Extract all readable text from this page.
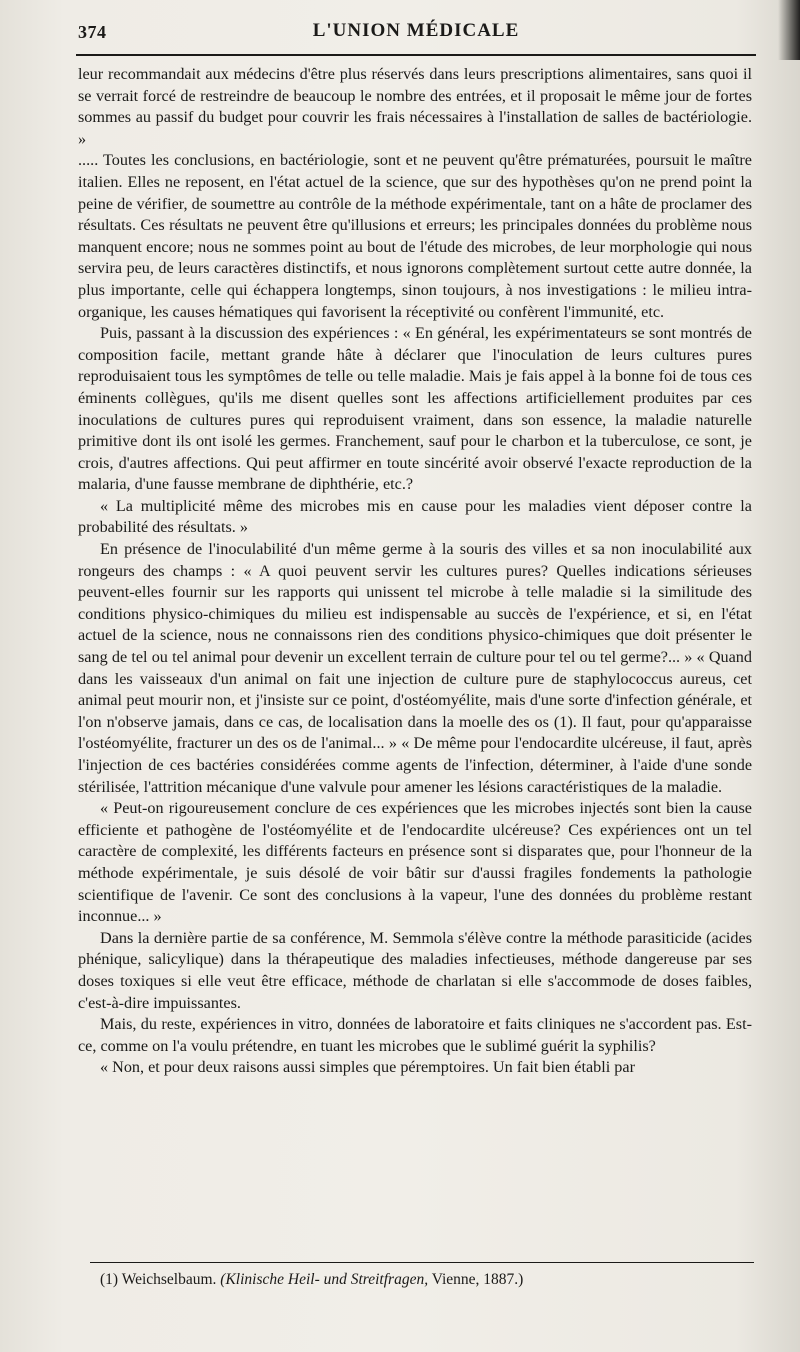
374	L'UNION MÉDICALE

leur recommandait aux médecins d'être plus réservés dans leurs prescriptions alimentaires, sans quoi il se verrait forcé de restreindre de beaucoup le nombre des entrées, et il proposait le même jour de fortes sommes au passif du budget pour couvrir les frais nécessaires à l'installation de salles de bactériologie. »

..... Toutes les conclusions, en bactériologie, sont et ne peuvent qu'être prématurées, poursuit le maître italien. Elles ne reposent, en l'état actuel de la science, que sur des hypothèses qu'on ne prend point la peine de vérifier, de soumettre au contrôle de la méthode expérimentale, tant on a hâte de proclamer des résultats. Ces résultats ne peuvent être qu'illusions et erreurs; les principales données du problème nous manquent encore; nous ne sommes point au bout de l'étude des microbes, de leur morphologie qui nous servira peu, de leurs caractères distinctifs, et nous ignorons complètement surtout cette autre donnée, la plus importante, celle qui échappera longtemps, sinon toujours, à nos investigations : le milieu intra-organique, les causes hématiques qui favorisent la réceptivité ou confèrent l'immunité, etc.

Puis, passant à la discussion des expériences : « En général, les expérimentateurs se sont montrés de composition facile, mettant grande hâte à déclarer que l'inoculation de leurs cultures pures reproduisaient tous les symptômes de telle ou telle maladie. Mais je fais appel à la bonne foi de tous ces éminents collègues, qu'ils me disent quelles sont les affections artificiellement produites par ces inoculations de cultures pures qui reproduisent vraiment, dans son essence, la maladie naturelle primitive dont ils ont isolé les germes. Franchement, sauf pour le charbon et la tuberculose, ce sont, je crois, d'autres affections. Qui peut affirmer en toute sincérité avoir observé l'exacte reproduction de la malaria, d'une fausse membrane de diphthérie, etc.?

« La multiplicité même des microbes mis en cause pour les maladies vient déposer contre la probabilité des résultats. »

En présence de l'inoculabilité d'un même germe à la souris des villes et sa non inoculabilité aux rongeurs des champs : « A quoi peuvent servir les cultures pures? Quelles indications sérieuses peuvent-elles fournir sur les rapports qui unissent tel microbe à telle maladie si la similitude des conditions physico-chimiques du milieu est indispensable au succès de l'expérience, et si, en l'état actuel de la science, nous ne connaissons rien des conditions physico-chimiques que doit présenter le sang de tel ou tel animal pour devenir un excellent terrain de culture pour tel ou tel germe?... » « Quand dans les vaisseaux d'un animal on fait une injection de culture pure de staphylococcus aureus, cet animal peut mourir non, et j'insiste sur ce point, d'ostéomyélite, mais d'une sorte d'infection générale, et l'on n'observe jamais, dans ce cas, de localisation dans la moelle des os (1). Il faut, pour qu'apparaisse l'ostéomyélite, fracturer un des os de l'animal... » « De même pour l'endocardite ulcéreuse, il faut, après l'injection de ces bactéries considérées comme agents de l'infection, déterminer, à l'aide d'une sonde stérilisée, l'attrition mécanique d'une valvule pour amener les lésions caractéristiques de la maladie.

« Peut-on rigoureusement conclure de ces expériences que les microbes injectés sont bien la cause efficiente et pathogène de l'ostéomyélite et de l'endocardite ulcéreuse? Ces expériences ont un tel caractère de complexité, les différents facteurs en présence sont si disparates que, pour l'honneur de la méthode expérimentale, je suis désolé de voir bâtir sur d'aussi fragiles fondements la pathologie scientifique de l'avenir. Ce sont des conclusions à la vapeur, l'une des données du problème restant inconnue... »

Dans la dernière partie de sa conférence, M. Semmola s'élève contre la méthode parasiticide (acides phénique, salicylique) dans la thérapeutique des maladies infectieuses, méthode dangereuse par ses doses toxiques si elle veut être efficace, méthode de charlatan si elle s'accommode de doses faibles, c'est-à-dire impuissantes.

Mais, du reste, expériences in vitro, données de laboratoire et faits cliniques ne s'accordent pas. Est-ce, comme on l'a voulu prétendre, en tuant les microbes que le sublimé guérit la syphilis?

« Non, et pour deux raisons aussi simples que péremptoires. Un fait bien établi par

(1) Weichselbaum. (Klinische Heil- und Streitfragen, Vienne, 1887.)
